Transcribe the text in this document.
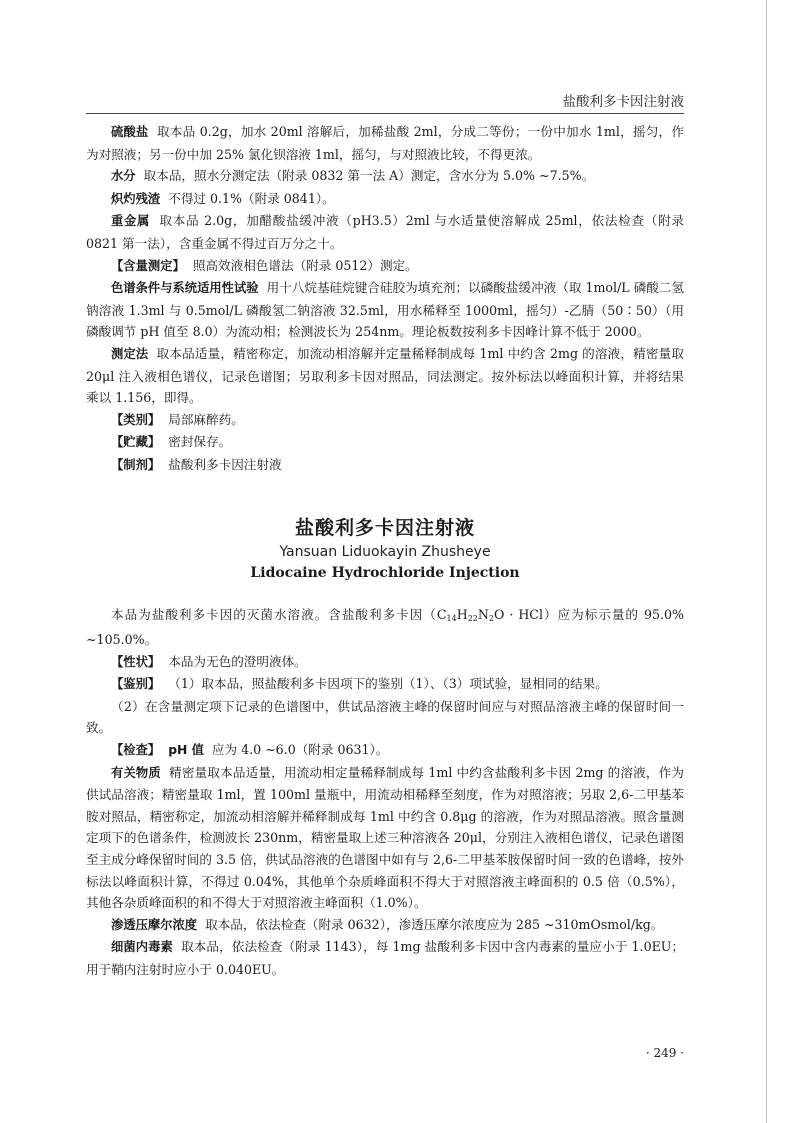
盐酸利多卡因注射液

硫酸盐 取本品 0.2g，加水 20ml 溶解后，加稀盐酸 2ml，分成二等份；一份中加水 1ml，摇匀，作为对照液；另一份中加 25% 氯化钡溶液 1ml，摇匀，与对照液比较，不得更浓。

水分 取本品，照水分测定法（附录 0832 第一法 A）测定，含水分为 5.0% ~7.5%。

炽灼残渣 不得过 0.1%（附录 0841）。

重金属 取本品 2.0g，加醋酸盐缓冲液（pH3.5）2ml 与水适量使溶解成 25ml，依法检查（附录 0821 第一法），含重金属不得过百万分之十。

【含量测定】 照高效液相色谱法（附录 0512）测定。

色谱条件与系统适用性试验 用十八烷基硅烷键合硅胶为填充剂；以磷酸盐缓冲液（取 1mol/L 磷酸二氢钠溶液 1.3ml 与 0.5mol/L 磷酸氢二钠溶液 32.5ml，用水稀释至 1000ml，摇匀）-乙腈（50∶50）（用磷酸调节 pH 值至 8.0）为流动相；检测波长为 254nm。理论板数按利多卡因峰计算不低于 2000。

测定法 取本品适量，精密称定，加流动相溶解并定量稀释制成每 1ml 中约含 2mg 的溶液，精密量取 20μl 注入液相色谱仪，记录色谱图；另取利多卡因对照品，同法测定。按外标法以峰面积计算，并将结果乘以 1.156，即得。

【类别】 局部麻醉药。

【贮藏】 密封保存。

【制剂】 盐酸利多卡因注射液

盐酸利多卡因注射液
Yansuan Liduokayin Zhusheye
Lidocaine Hydrochloride Injection

本品为盐酸利多卡因的灭菌水溶液。含盐酸利多卡因$(C_{14}H_{22}N_2O \cdot HCl)$应为标示量的 95.0% ~105.0%。

【性状】 本品为无色的澄明液体。

【鉴别】 （1）取本品，照盐酸利多卡因项下的鉴别（1）、（3）项试验，显相同的结果。

（2）在含量测定项下记录的色谱图中，供试品溶液主峰的保留时间应与对照品溶液主峰的保留时间一致。

【检查】 pH 值 应为 4.0 ~6.0（附录 0631）。

有关物质 精密量取本品适量，用流动相定量稀释制成每 1ml 中约含盐酸利多卡因 2mg 的溶液，作为供试品溶液；精密量取 1ml，置 100ml 量瓶中，用流动相稀释至刻度，作为对照溶液；另取 2,6-二甲基苯胺对照品，精密称定，加流动相溶解并稀释制成每 1ml 中约含 0.8μg 的溶液，作为对照品溶液。照含量测定项下的色谱条件，检测波长 230nm，精密量取上述三种溶液各 20μl，分别注入液相色谱仪，记录色谱图至主成分峰保留时间的 3.5 倍，供试品溶液的色谱图中如有与 2,6-二甲基苯胺保留时间一致的色谱峰，按外标法以峰面积计算，不得过 0.04%，其他单个杂质峰面积不得大于对照溶液主峰面积的 0.5 倍（0.5%），其他各杂质峰面积的和不得大于对照溶液主峰面积（1.0%）。

渗透压摩尔浓度 取本品，依法检查（附录 0632），渗透压摩尔浓度应为 285 ~310mOsmol/kg。

细菌内毒素 取本品，依法检查（附录 1143），每 1mg 盐酸利多卡因中含内毒素的量应小于 1.0EU；用于鞘内注射时应小于 0.040EU。

· 249 ·
